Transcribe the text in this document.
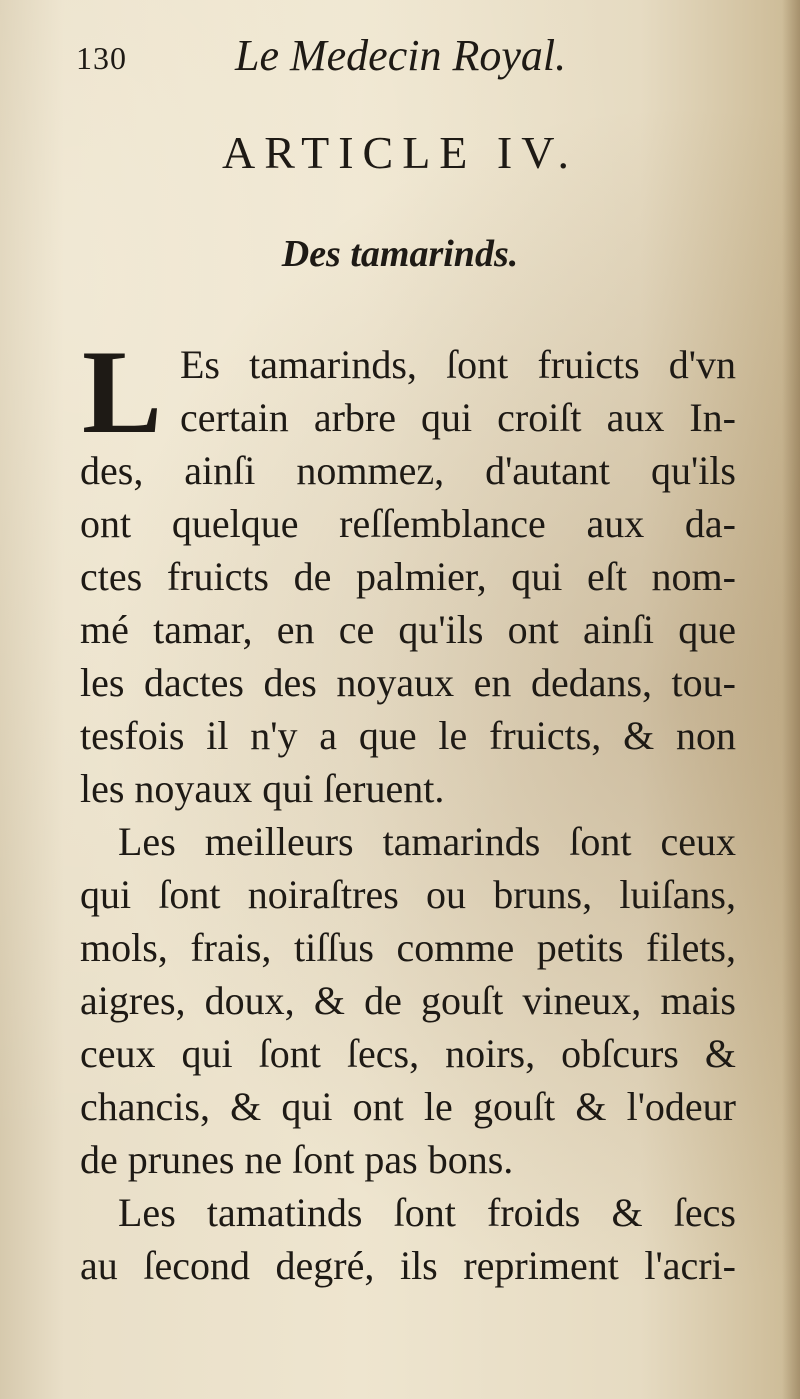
130 Le Medecin Royal.
ARTICLE IV.
Des tamarinds.
L Es tamarinds, ſont fruicts d'vn
certain arbre qui croiſt aux In-
des, ainſi nommez, d'autant qu'ils
ont quelque reſſemblance aux da-
ctes fruicts de palmier, qui eſt nom-
mé tamar, en ce qu'ils ont ainſi que
les dactes des noyaux en dedans, tou-
tesfois il n'y a que le fruicts, & non
les noyaux qui ſeruent.
Les meilleurs tamarinds ſont ceux
qui ſont noiraſtres ou bruns, luiſans,
mols, frais, tiſſus comme petits filets,
aigres, doux, & de gouſt vineux, mais
ceux qui ſont ſecs, noirs, obſcurs &
chancis, & qui ont le gouſt & l'odeur
de prunes ne ſont pas bons.
Les tamatinds ſont froids & ſecs
au ſecond degré, ils repriment l'acri-
